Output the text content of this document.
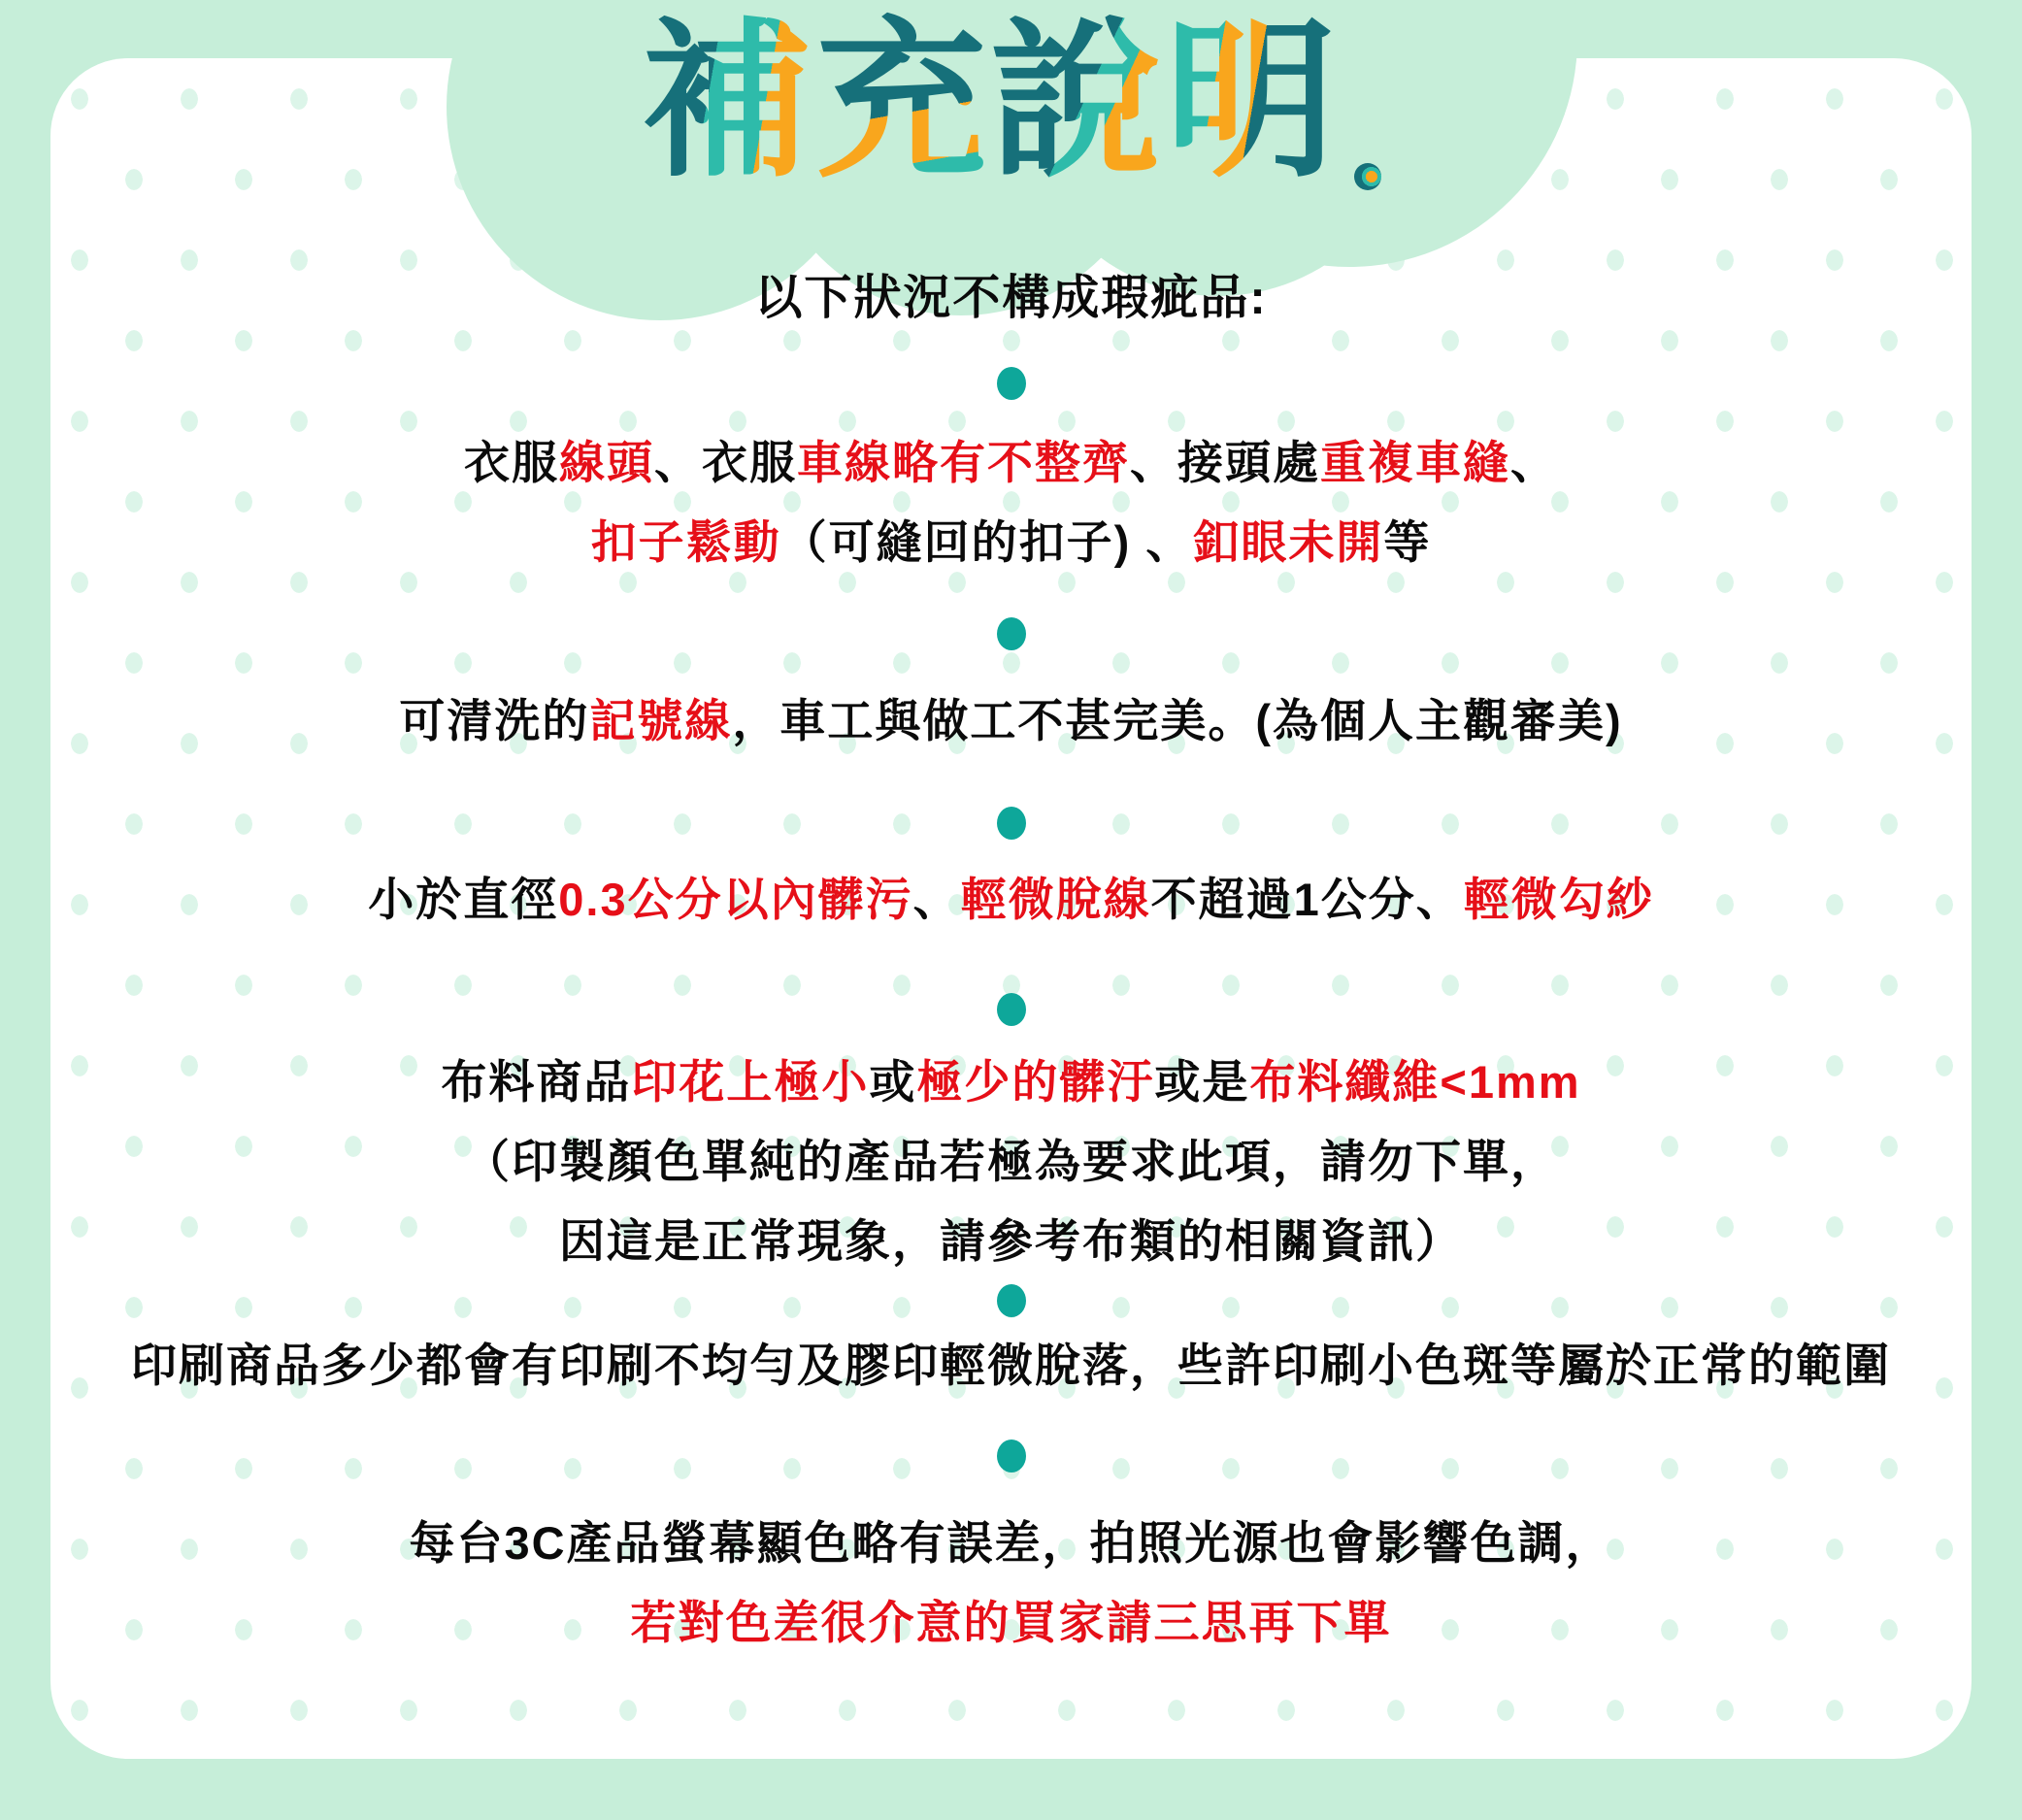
補 充 說 明
以下狀況不構成瑕疵品:
衣服線頭、衣服車線略有不整齊、接頭處重複車縫、
扣子鬆動（可縫回的扣子) 、釦眼未開等
可清洗的記號線，車工與做工不甚完美。(為個人主觀審美)
小於直徑0.3公分以內髒污、輕微脫線不超過1公分、輕微勾紗
布料商品印花上極小或極少的髒汙或是布料纖維<1mm
（印製顏色單純的產品若極為要求此項，請勿下單，
因這是正常現象，請參考布類的相關資訊）
印刷商品多少都會有印刷不均勻及膠印輕微脫落，些許印刷小色斑等屬於正常的範圍
每台3C產品螢幕顯色略有誤差，拍照光源也會影響色調，
若對色差很介意的買家請三思再下單
